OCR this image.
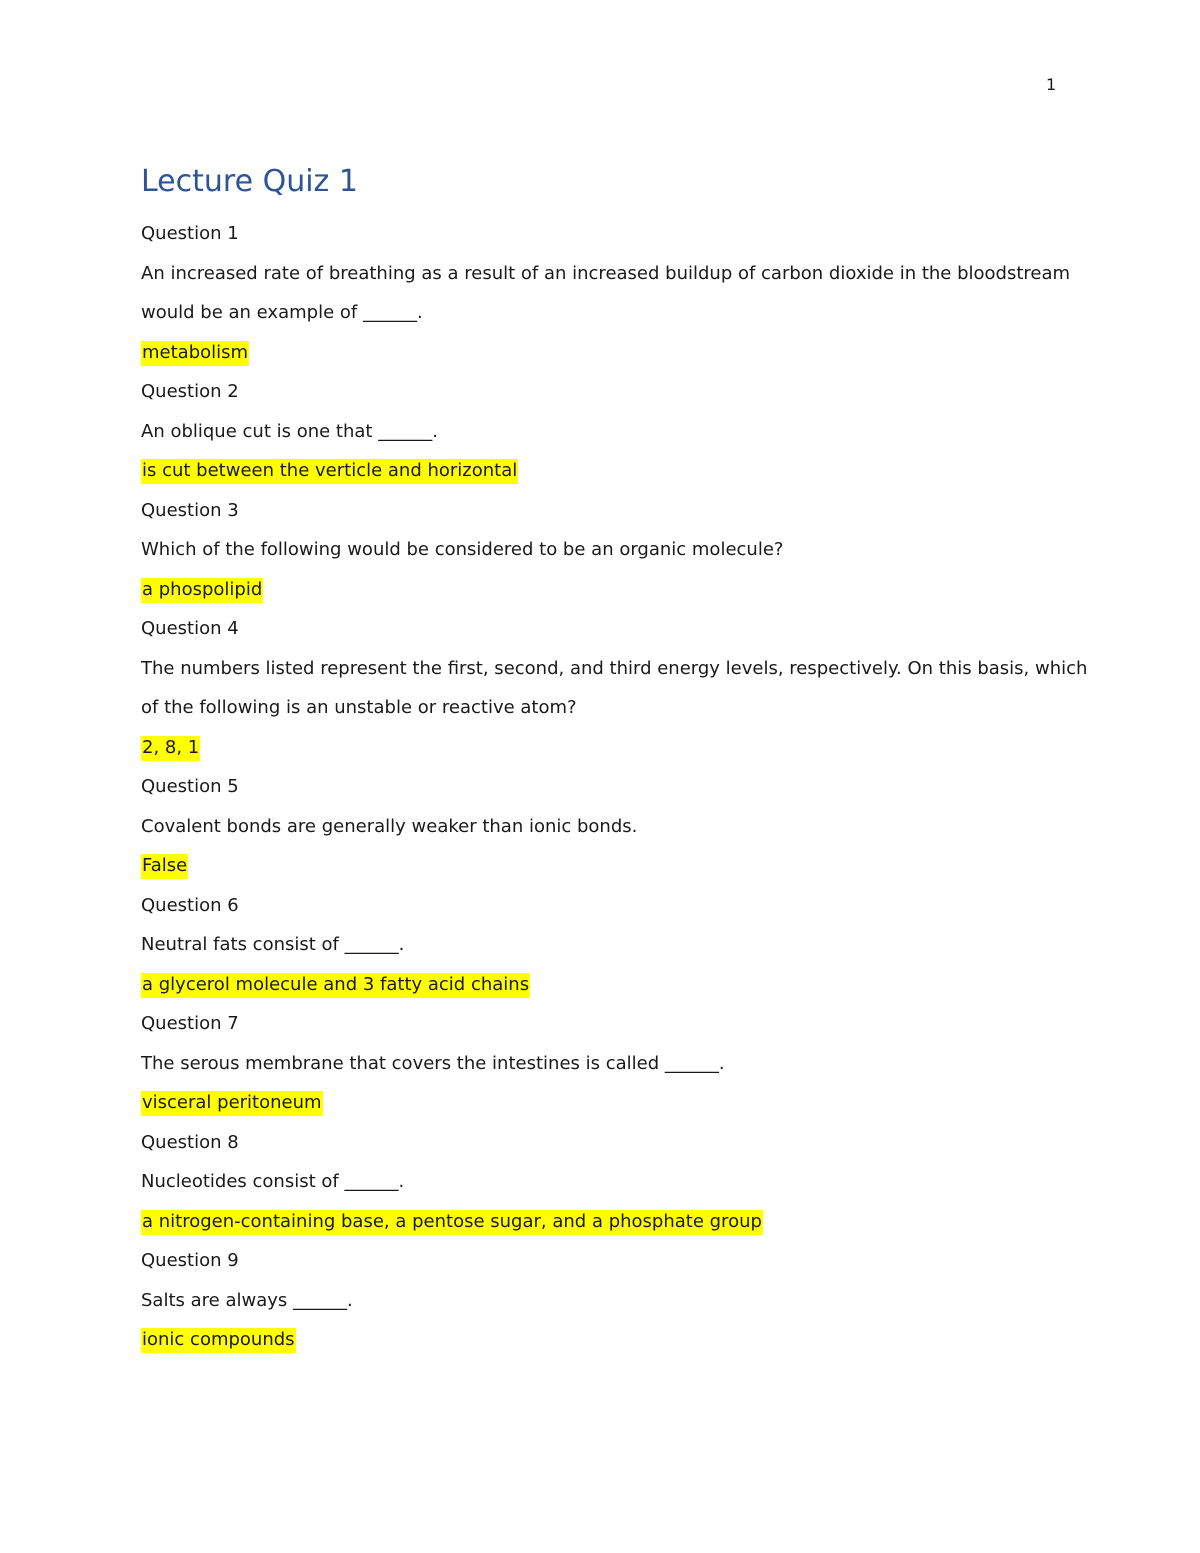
1
Lecture Quiz 1

Question 1

An increased rate of breathing as a result of an increased buildup of carbon dioxide in the bloodstream

would be an example of ______.

metabolism

Question 2

An oblique cut is one that ______.

is cut between the verticle and horizontal

Question 3

Which of the following would be considered to be an organic molecule?

a phospolipid

Question 4

The numbers listed represent the first, second, and third energy levels, respectively. On this basis, which

of the following is an unstable or reactive atom?

2, 8, 1

Question 5

Covalent bonds are generally weaker than ionic bonds.

False

Question 6

Neutral fats consist of ______.

a glycerol molecule and 3 fatty acid chains

Question 7

The serous membrane that covers the intestines is called ______.

visceral peritoneum

Question 8

Nucleotides consist of ______.

a nitrogen-containing base, a pentose sugar, and a phosphate group

Question 9

Salts are always ______.

ionic compounds
